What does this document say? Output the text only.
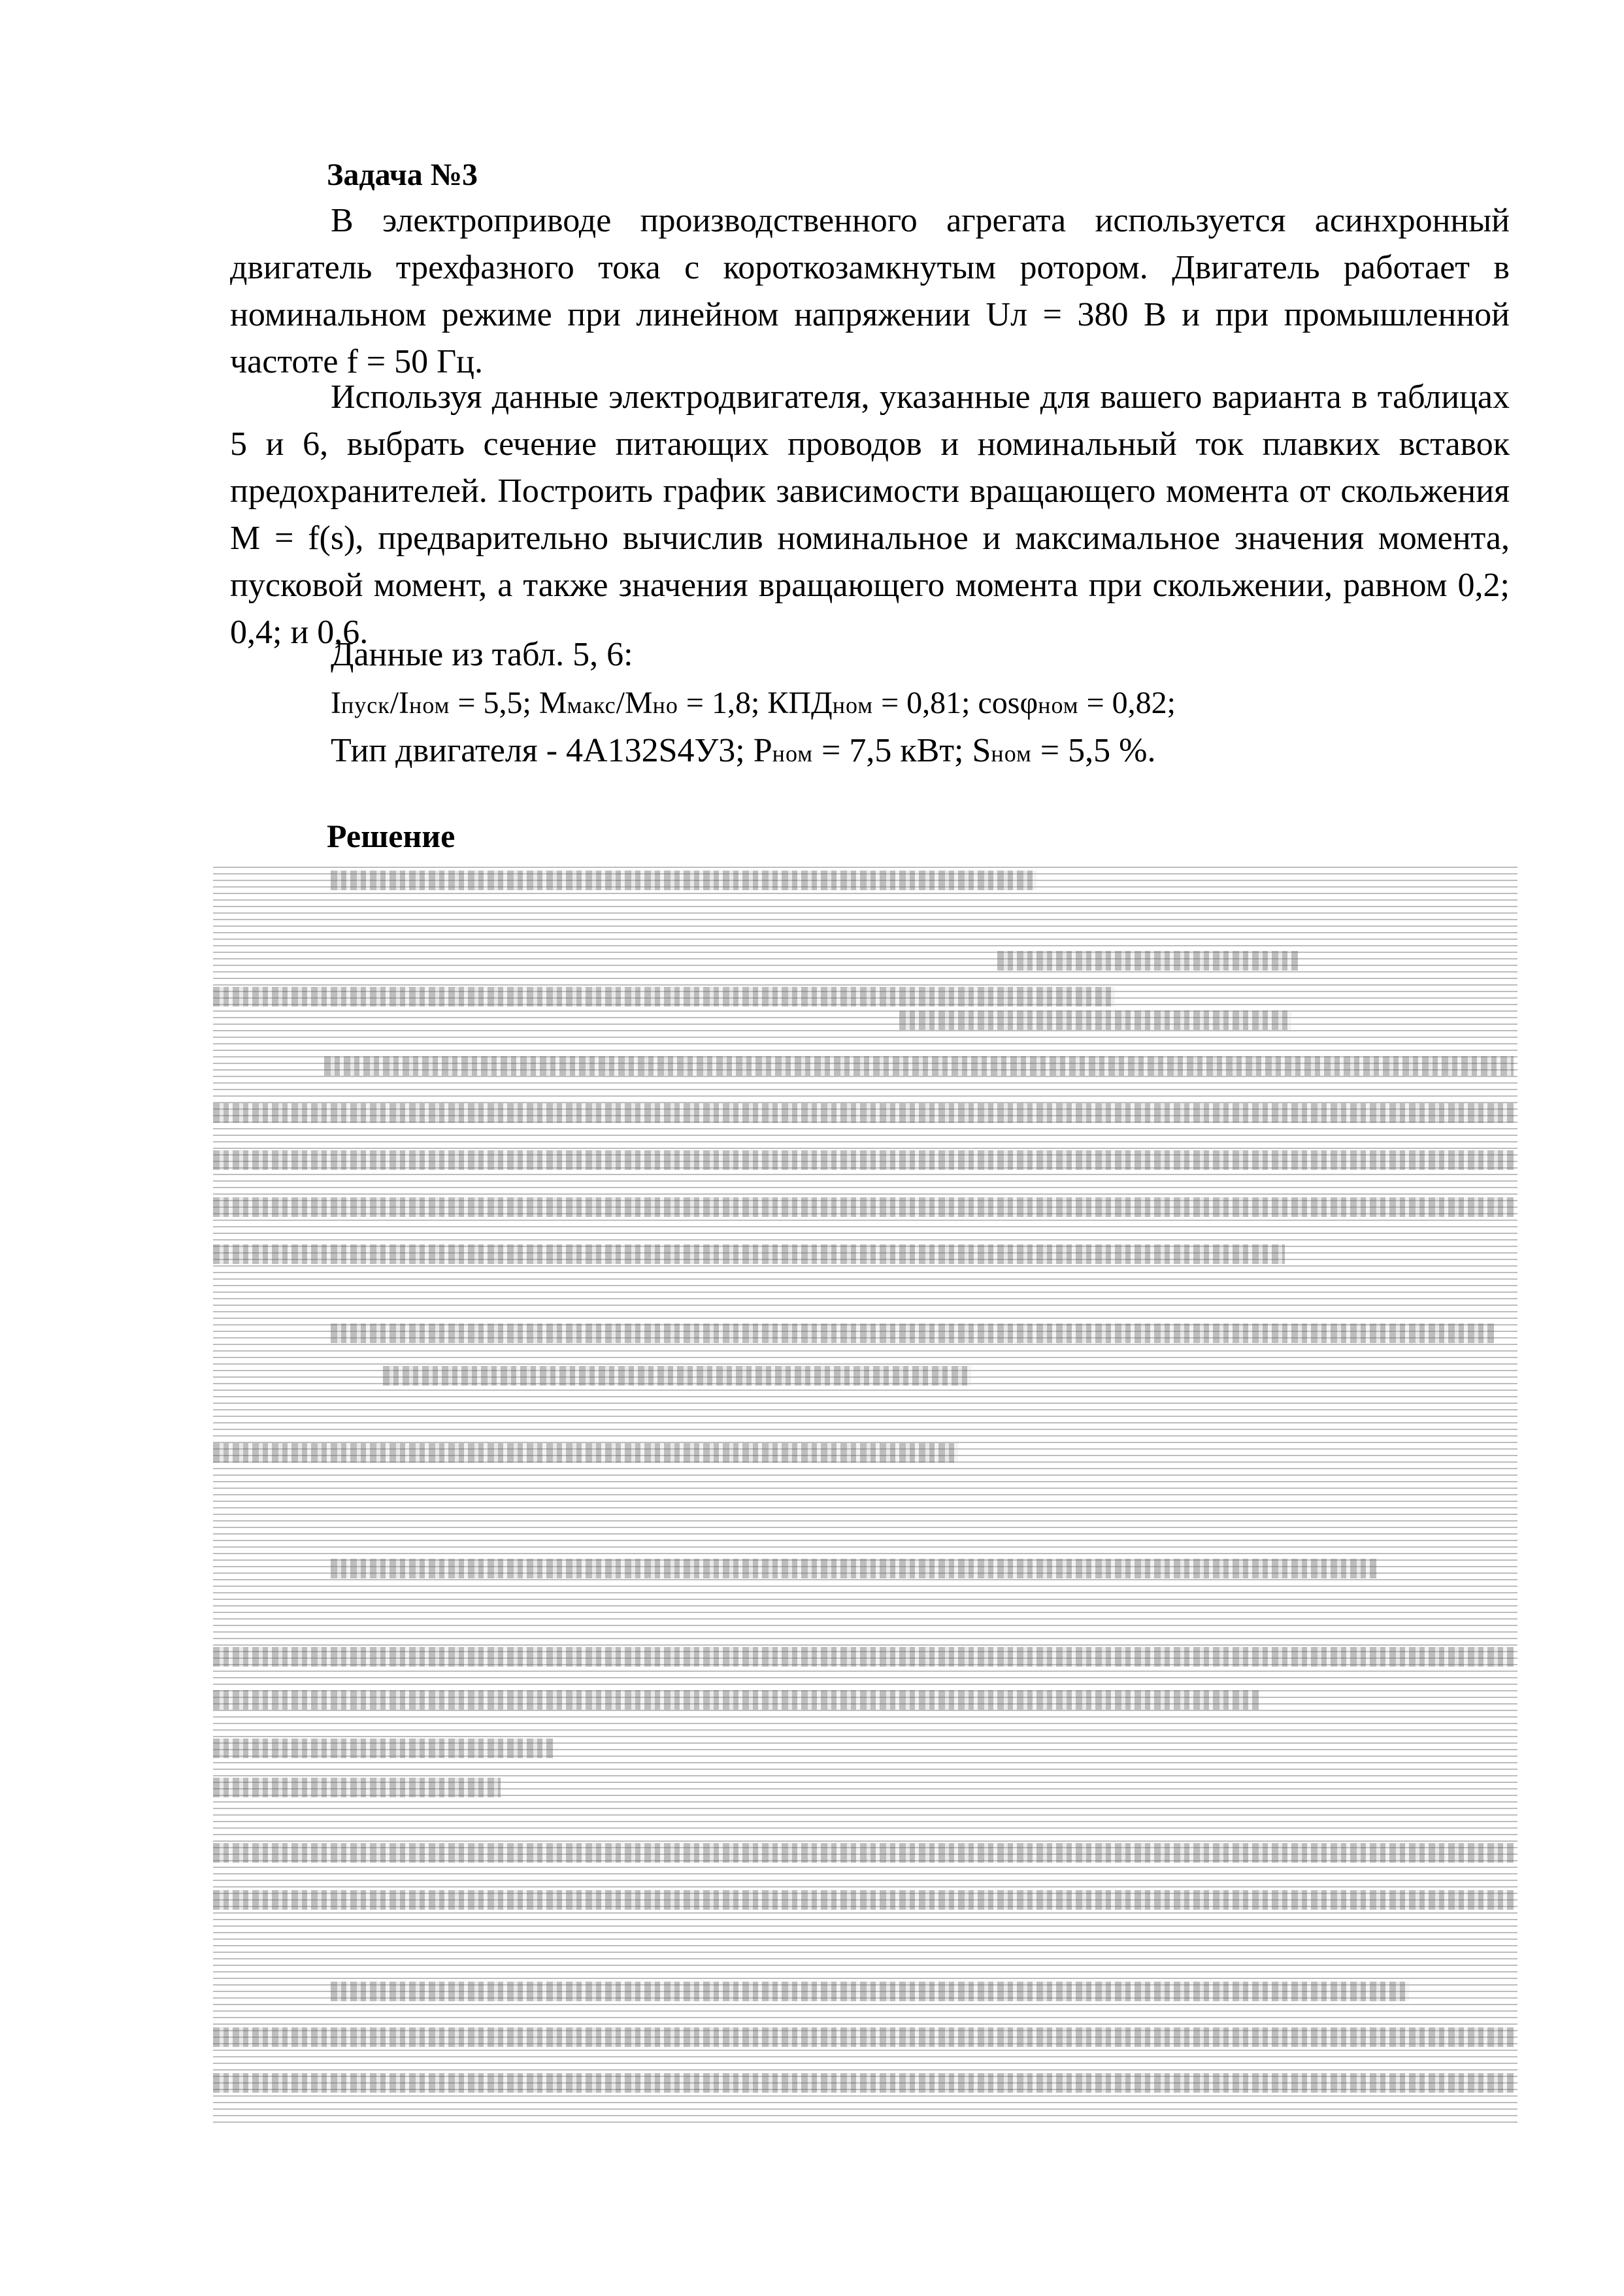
Задача №3

В электроприводе производственного агрегата используется асинхронный двигатель трехфазного тока с короткозамкнутым ротором. Двигатель работает в номинальном режиме при линейном напряжении Uл = 380 В и при промышленной частоте f = 50 Гц.

Используя данные электродвигателя, указанные для вашего варианта в таблицах 5 и 6, выбрать сечение питающих проводов и номинальный ток плавких вставок предохранителей. Построить график зависимости вращающего момента от скольжения M = f(s), предварительно вычислив номинальное и максимальное значения момента, пусковой момент, а также значения вращающего момента при скольжении, равном 0,2; 0,4; и 0,6.

Данные из табл. 5, 6:
Iпуск/Iном = 5,5; Mмакс/Mно = 1,8; КПДном = 0,81; cosφном = 0,82;
Тип двигателя - 4А132S4У3; Pном = 7,5 кВт; Sном = 5,5 %.
Решение
